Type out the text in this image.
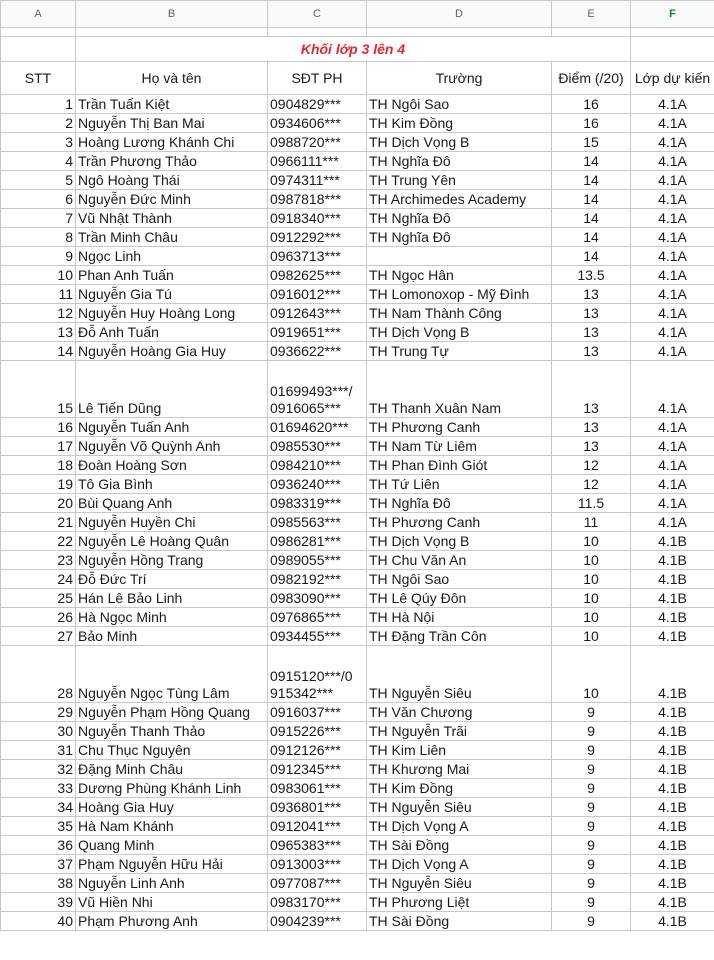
A	B	C	D	E	F

	Khối lớp 3 lên 4				
STT	Họ và tên	SĐT PH	Trường	Điểm (/20)	Lớp dự kiến
1	Trần Tuấn Kiệt	0904829***	TH Ngôi Sao	16	4.1A
2	Nguyễn Thị Ban Mai	0934606***	TH Kim Đồng	16	4.1A
3	Hoàng Lương Khánh Chi	0988720***	TH Dịch Vọng B	15	4.1A
4	Trần Phương Thảo	0966111***	TH Nghĩa Đô	14	4.1A
5	Ngô Hoàng Thái	0974311***	TH Trung Yên	14	4.1A
6	Nguyễn Đức Minh	0987818***	TH Archimedes Academy	14	4.1A
7	Vũ Nhật Thành	0918340***	TH Nghĩa Đô	14	4.1A
8	Trần Minh Châu	0912292***	TH Nghĩa Đô	14	4.1A
9	Ngọc Linh	0963713***		14	4.1A
10	Phan Anh Tuấn	0982625***	TH Ngọc Hân	13.5	4.1A
11	Nguyễn Gia Tú	0916012***	TH Lomonoxop - Mỹ Đình	13	4.1A
12	Nguyễn Huy Hoàng Long	0912643***	TH Nam Thành Công	13	4.1A
13	Đỗ Anh Tuấn	0919651***	TH Dịch Vọng B	13	4.1A
14	Nguyễn Hoàng Gia Huy	0936622***	TH Trung Tự	13	4.1A
15	Lê Tiến Dũng	01699493***/ 0916065***	TH Thanh Xuân Nam	13	4.1A
16	Nguyễn Tuấn Anh	01694620***	TH Phương Canh	13	4.1A
17	Nguyễn Võ Quỳnh Anh	0985530***	TH Nam Từ Liêm	13	4.1A
18	Đoàn Hoàng Sơn	0984210***	TH Phan Đình Giót	12	4.1A
19	Tô Gia Bình	0936240***	TH Tứ Liên	12	4.1A
20	Bùi Quang Anh	0983319***	TH Nghĩa Đô	11.5	4.1A
21	Nguyễn Huyền Chi	0985563***	TH Phương Canh	11	4.1A
22	Nguyễn Lê Hoàng Quân	0986281***	TH Dịch Vọng B	10	4.1B
23	Nguyễn Hồng Trang	0989055***	TH Chu Văn An	10	4.1B
24	Đỗ Đức Trí	0982192***	TH Ngôi Sao	10	4.1B
25	Hán Lê Bảo Linh	0983090***	TH Lê Qúy Đôn	10	4.1B
26	Hà Ngọc Minh	0976865***	TH Hà Nội	10	4.1B
27	Bảo Minh	0934455***	TH Đặng Trần Côn	10	4.1B
28	Nguyễn Ngọc Tùng Lâm	0915120***/0 915342***	TH Nguyễn Siêu	10	4.1B
29	Nguyễn Phạm Hồng Quang	0916037***	TH Văn Chương	9	4.1B
30	Nguyễn Thanh Thảo	0915226***	TH Nguyễn Trãi	9	4.1B
31	Chu Thục Nguyên	0912126***	TH Kim Liên	9	4.1B
32	Đặng Minh Châu	0912345***	TH Khương Mai	9	4.1B
33	Dương Phùng Khánh Linh	0983061***	TH Kim Đồng	9	4.1B
34	Hoàng Gia Huy	0936801***	TH Nguyễn Siêu	9	4.1B
35	Hà Nam Khánh	0912041***	TH Dịch Vọng A	9	4.1B
36	Quang Minh	0965383***	TH Sài Đồng	9	4.1B
37	Phạm Nguyễn Hữu Hải	0913003***	TH Dịch Vọng A	9	4.1B
38	Nguyễn Linh Anh	0977087***	TH Nguyễn Siêu	9	4.1B
39	Vũ Hiền Nhi	0983170***	TH Phương Liệt	9	4.1B
40	Phạm Phương Anh	0904239***	TH Sài Đồng	9	4.1B
